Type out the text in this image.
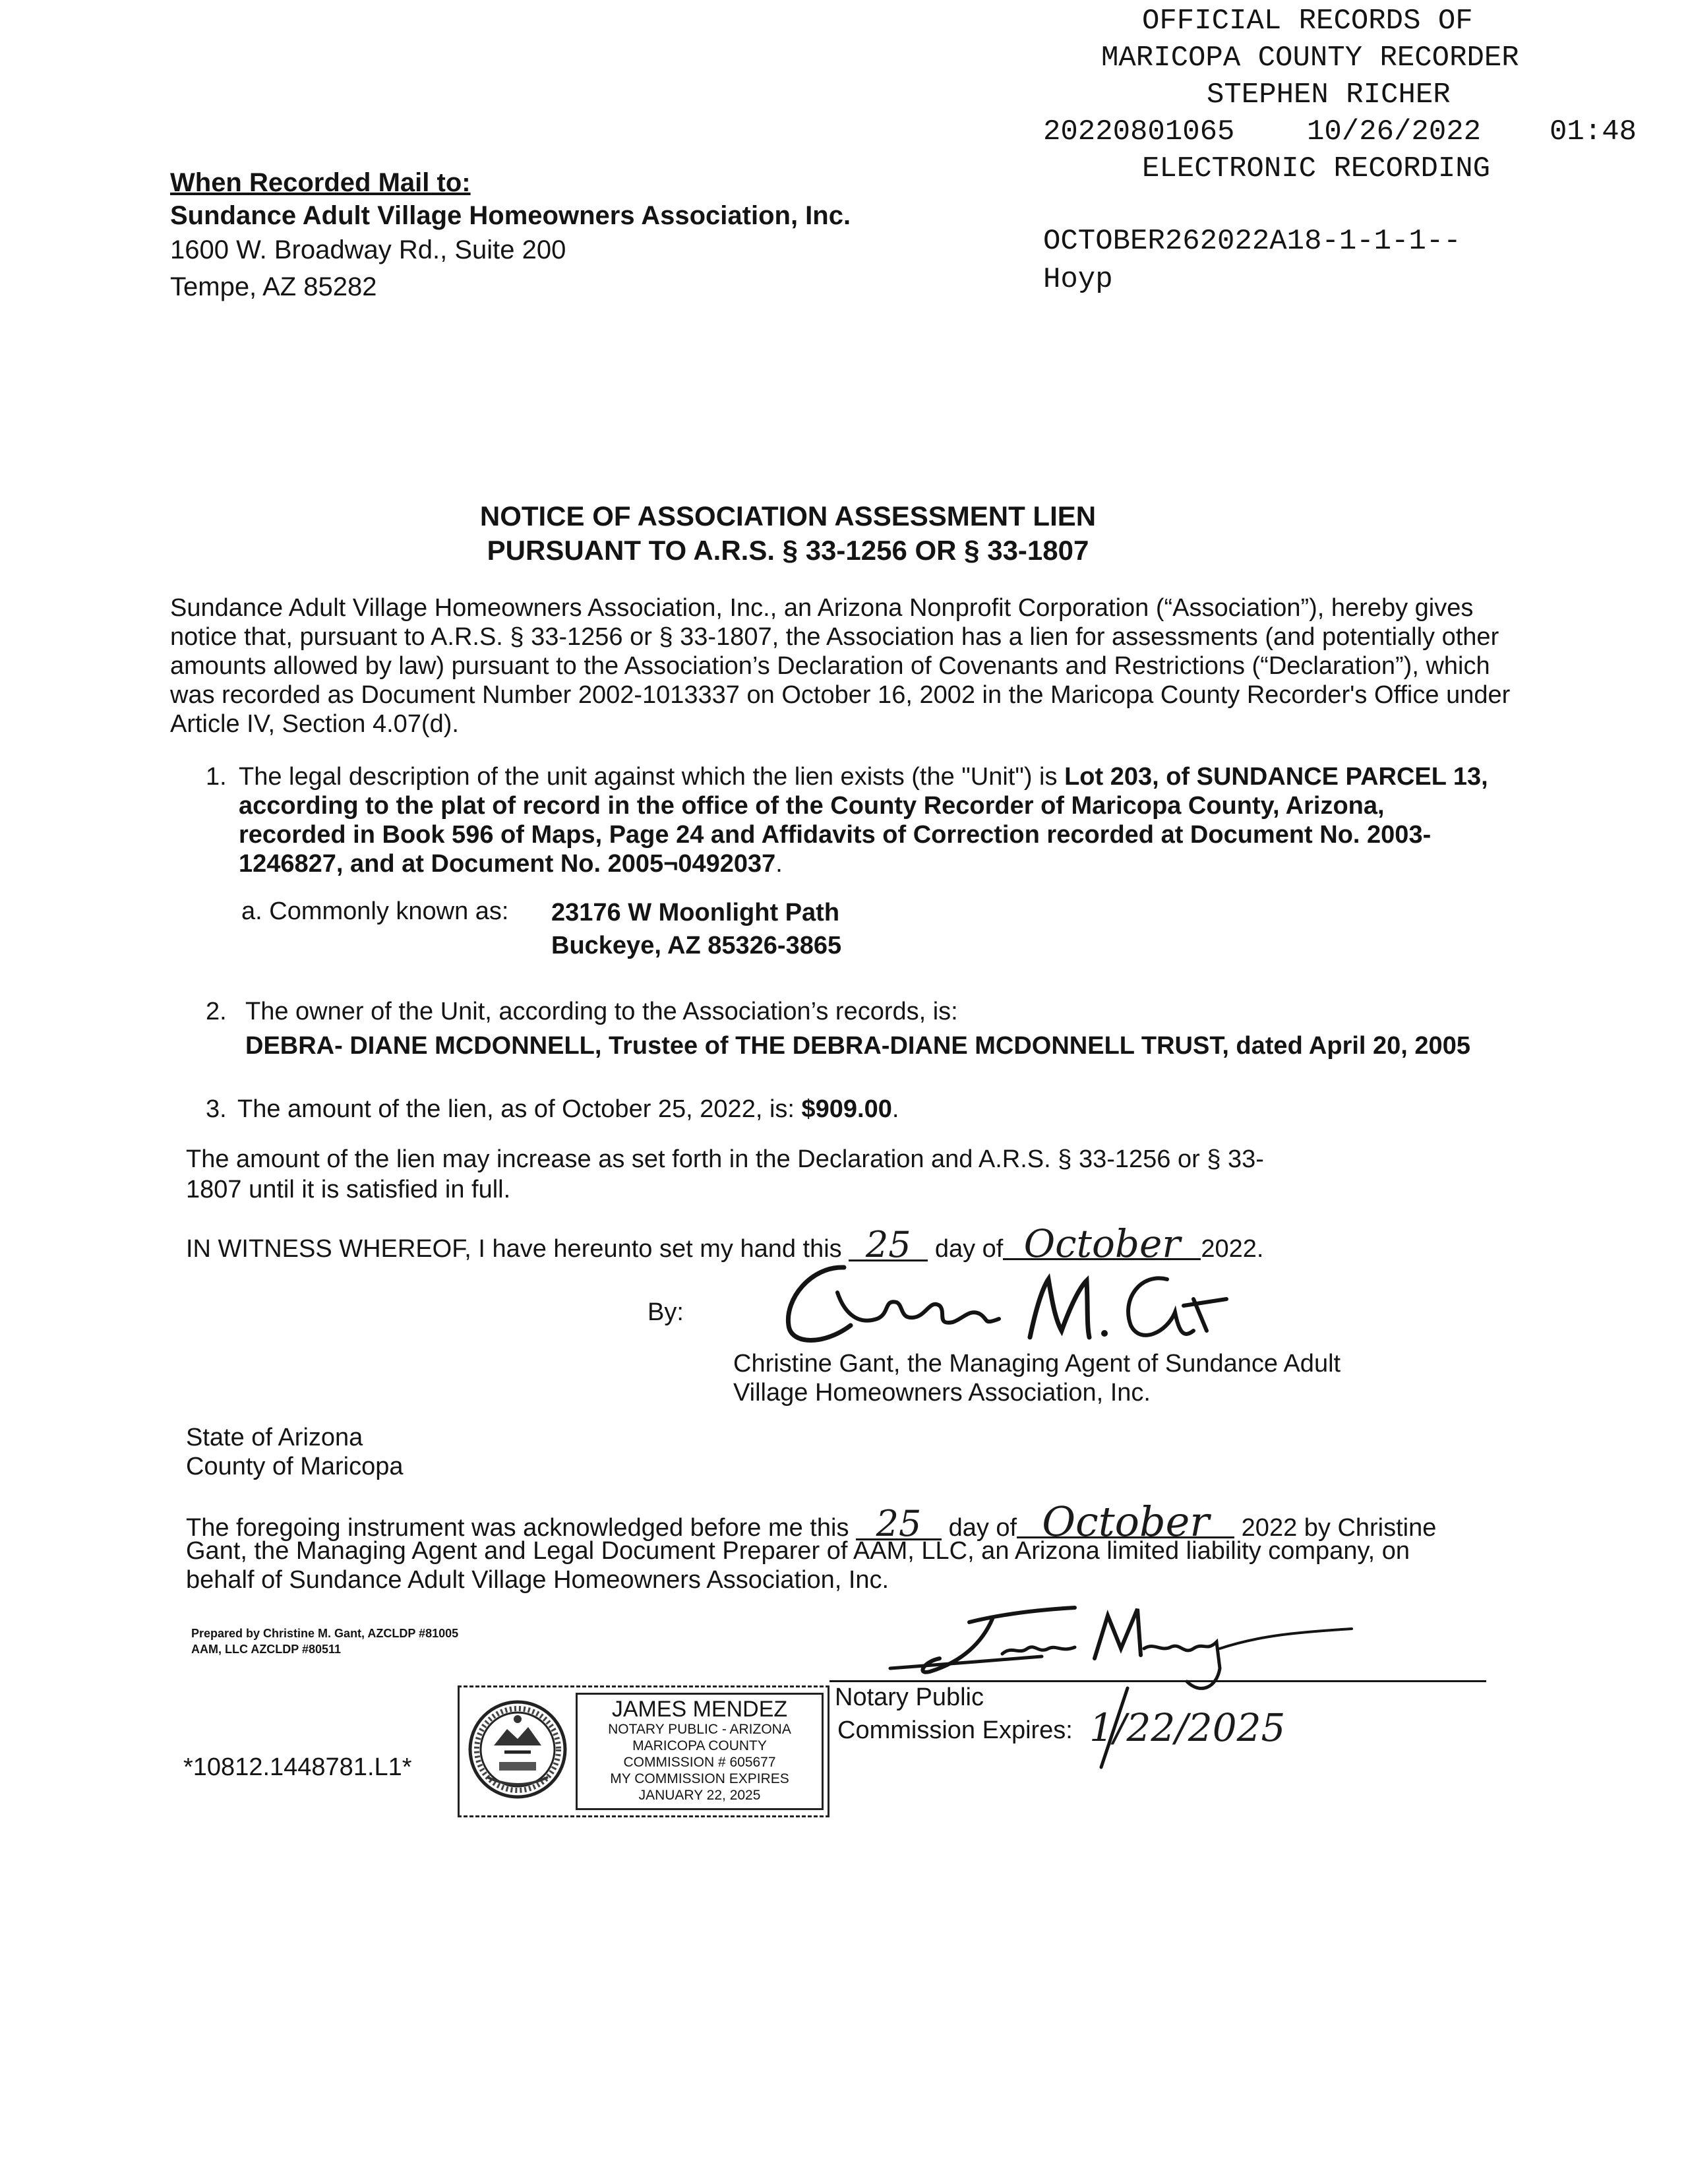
OFFICIAL RECORDS OF
MARICOPA COUNTY RECORDER
STEPHEN RICHER
20220801065 10/26/2022 01:48
ELECTRONIC RECORDING
OCTOBER262022A18-1-1-1--
Hoyp
When Recorded Mail to:
Sundance Adult Village Homeowners Association, Inc.
1600 W. Broadway Rd., Suite 200
Tempe, AZ 85282
NOTICE OF ASSOCIATION ASSESSMENT LIEN
PURSUANT TO A.R.S. § 33-1256 OR § 33-1807
Sundance Adult Village Homeowners Association, Inc., an Arizona Nonprofit Corporation (“Association”), hereby gives
notice that, pursuant to A.R.S. § 33-1256 or § 33-1807, the Association has a lien for assessments (and potentially other
amounts allowed by law) pursuant to the Association’s Declaration of Covenants and Restrictions (“Declaration”), which
was recorded as Document Number 2002-1013337 on October 16, 2002 in the Maricopa County Recorder's Office under
Article IV, Section 4.07(d).
1. The legal description of the unit against which the lien exists (the "Unit") is Lot 203, of SUNDANCE PARCEL 13,
according to the plat of record in the office of the County Recorder of Maricopa County, Arizona,
recorded in Book 596 of Maps, Page 24 and Affidavits of Correction recorded at Document No. 2003-
1246827, and at Document No. 2005¬0492037.
a. Commonly known as: 23176 W Moonlight Path
Buckeye, AZ 85326-3865
2. The owner of the Unit, according to the Association’s records, is:
DEBRA- DIANE MCDONNELL, Trustee of THE DEBRA-DIANE MCDONNELL TRUST, dated April 20, 2005
3. The amount of the lien, as of October 25, 2022, is: $909.00.
The amount of the lien may increase as set forth in the Declaration and A.R.S. § 33-1256 or § 33-
1807 until it is satisfied in full.
IN WITNESS WHEREOF, I have hereunto set my hand this 25 day of October 2022.
By:
Christine Gant, the Managing Agent of Sundance Adult
Village Homeowners Association, Inc.
State of Arizona
County of Maricopa
The foregoing instrument was acknowledged before me this 25 day of October 2022 by Christine
Gant, the Managing Agent and Legal Document Preparer of AAM, LLC, an Arizona limited liability company, on
behalf of Sundance Adult Village Homeowners Association, Inc.
Prepared by Christine M. Gant, AZCLDP #81005
AAM, LLC AZCLDP #80511
*10812.1448781.L1*
JAMES MENDEZ
NOTARY PUBLIC - ARIZONA
MARICOPA COUNTY
COMMISSION # 605677
MY COMMISSION EXPIRES
JANUARY 22, 2025
Notary Public
Commission Expires: 1/22/2025
